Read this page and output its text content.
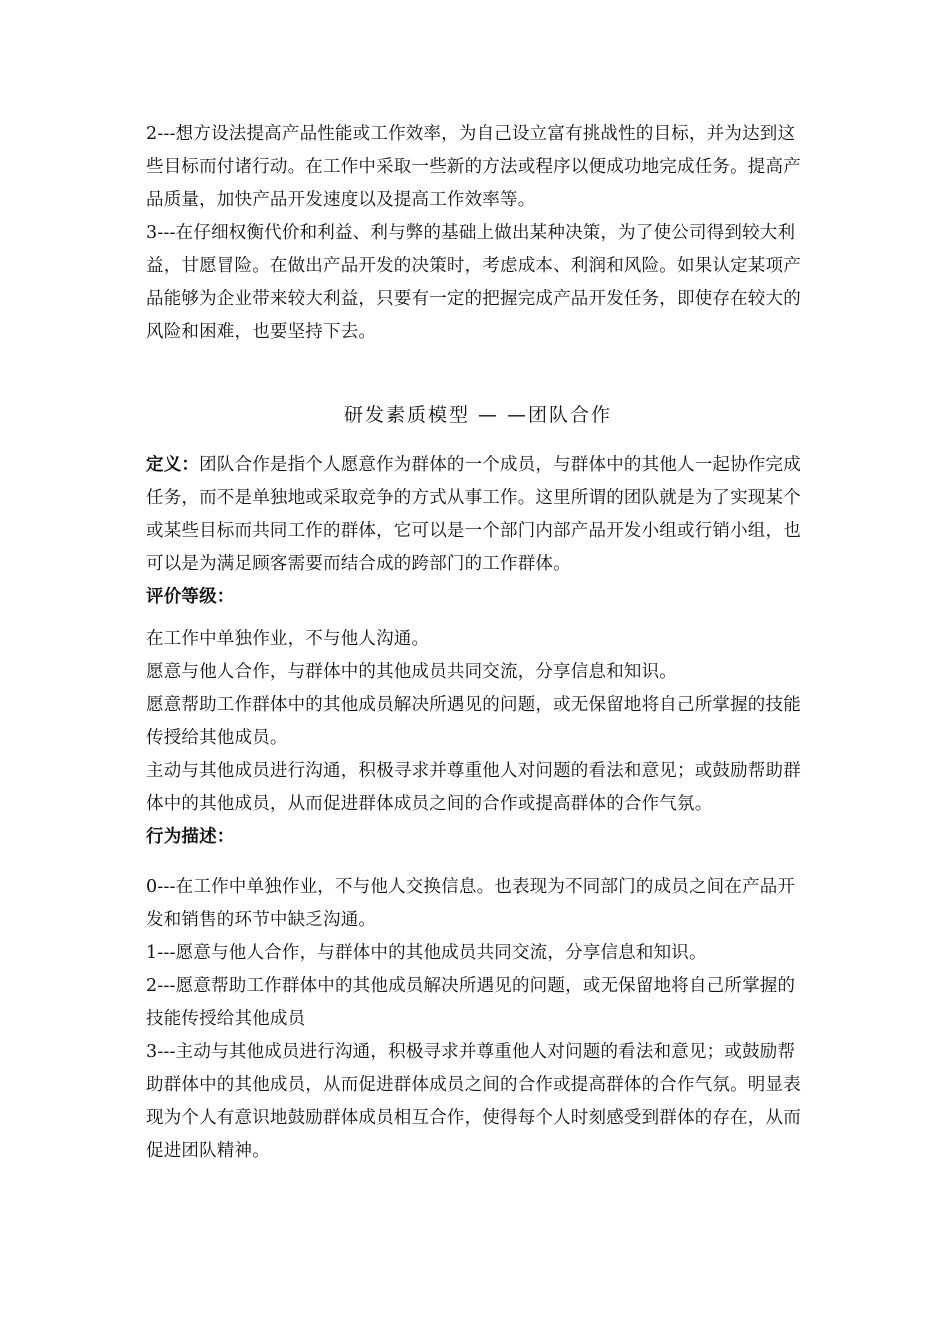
2---想方设法提高产品性能或工作效率，为自己设立富有挑战性的目标，并为达到这些目标而付诸行动。在工作中采取一些新的方法或程序以便成功地完成任务。提高产品质量，加快产品开发速度以及提高工作效率等。

3---在仔细权衡代价和利益、利与弊的基础上做出某种决策，为了使公司得到较大利益，甘愿冒险。在做出产品开发的决策时，考虑成本、利润和风险。如果认定某项产品能够为企业带来较大利益，只要有一定的把握完成产品开发任务，即使存在较大的风险和困难，也要坚持下去。

研发素质模型 — —团队合作

定义：团队合作是指个人愿意作为群体的一个成员，与群体中的其他人一起协作完成任务，而不是单独地或采取竞争的方式从事工作。这里所谓的团队就是为了实现某个或某些目标而共同工作的群体，它可以是一个部门内部产品开发小组或行销小组，也可以是为满足顾客需要而结合成的跨部门的工作群体。

评价等级：

在工作中单独作业，不与他人沟通。

愿意与他人合作，与群体中的其他成员共同交流，分享信息和知识。

愿意帮助工作群体中的其他成员解决所遇见的问题，或无保留地将自己所掌握的技能传授给其他成员。

主动与其他成员进行沟通，积极寻求并尊重他人对问题的看法和意见；或鼓励帮助群体中的其他成员，从而促进群体成员之间的合作或提高群体的合作气氛。

行为描述：

0---在工作中单独作业，不与他人交换信息。也表现为不同部门的成员之间在产品开发和销售的环节中缺乏沟通。

1---愿意与他人合作，与群体中的其他成员共同交流，分享信息和知识。

2---愿意帮助工作群体中的其他成员解决所遇见的问题，或无保留地将自己所掌握的技能传授给其他成员

3---主动与其他成员进行沟通，积极寻求并尊重他人对问题的看法和意见；或鼓励帮助群体中的其他成员，从而促进群体成员之间的合作或提高群体的合作气氛。明显表现为个人有意识地鼓励群体成员相互合作，使得每个人时刻感受到群体的存在，从而促进团队精神。
